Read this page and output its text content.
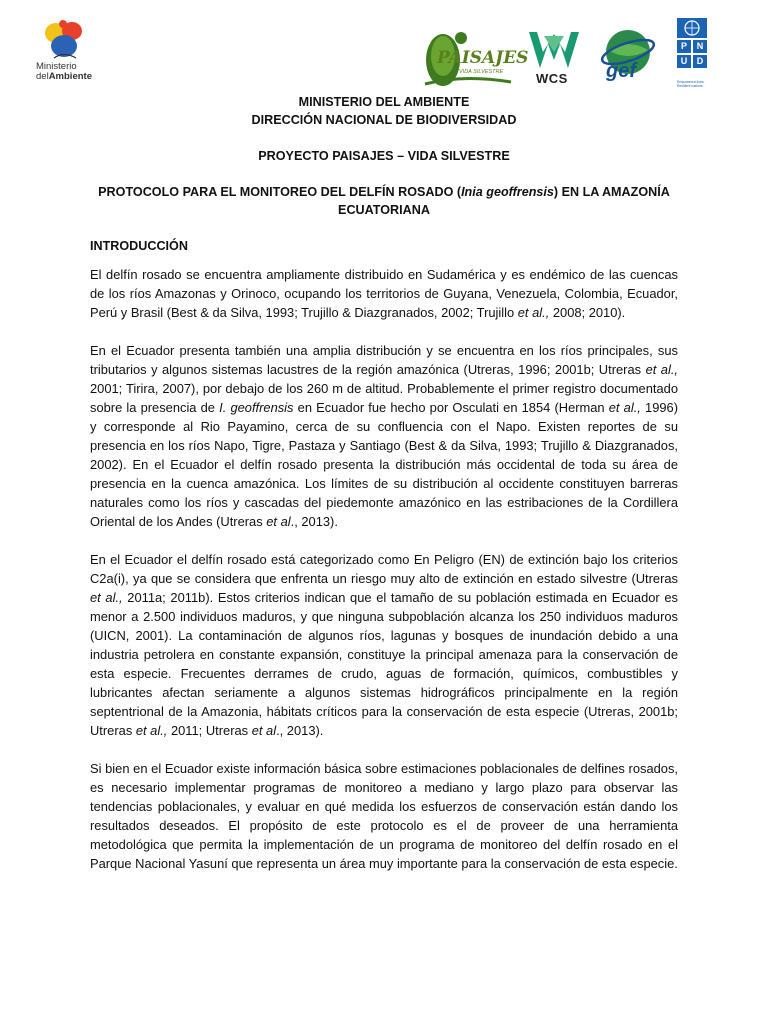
Ministerio
delAmbiente
PAISAJES
VIDA SILVESTRE	WCS gef
P	N
U	D
Empowered lives. Resilient nations.

MINISTERIO DEL AMBIENTE

DIRECCIÓN NACIONAL DE BIODIVERSIDAD

PROYECTO PAISAJES – VIDA SILVESTRE

PROTOCOLO PARA EL MONITOREO DEL DELFÍN ROSADO (Inia geoffrensis) EN LA AMAZONÍA ECUATORIANA

INTRODUCCIÓN

El delfín rosado se encuentra ampliamente distribuido en Sudamérica y es endémico de las cuencas de los ríos Amazonas y Orinoco, ocupando los territorios de Guyana, Venezuela, Colombia, Ecuador, Perú y Brasil (Best & da Silva, 1993; Trujillo & Diazgranados, 2002; Trujillo et al., 2008; 2010).

En el Ecuador presenta también una amplia distribución y se encuentra en los ríos principales, sus tributarios y algunos sistemas lacustres de la región amazónica (Utreras, 1996; 2001b; Utreras et al., 2001; Tirira, 2007), por debajo de los 260 m de altitud. Probablemente el primer registro documentado sobre la presencia de I. geoffrensis en Ecuador fue hecho por Osculati en 1854 (Herman et al., 1996) y corresponde al Rio Payamino, cerca de su confluencia con el Napo. Existen reportes de su presencia en los ríos Napo, Tigre, Pastaza y Santiago (Best & da Silva, 1993; Trujillo & Diazgranados, 2002). En el Ecuador el delfín rosado presenta la distribución más occidental de toda su área de presencia en la cuenca amazónica. Los límites de su distribución al occidente constituyen barreras naturales como los ríos y cascadas del piedemonte amazónico en las estribaciones de la Cordillera Oriental de los Andes (Utreras et al., 2013).

En el Ecuador el delfín rosado está categorizado como En Peligro (EN) de extinción bajo los criterios C2a(i), ya que se considera que enfrenta un riesgo muy alto de extinción en estado silvestre (Utreras et al., 2011a; 2011b). Estos criterios indican que el tamaño de su población estimada en Ecuador es menor a 2.500 individuos maduros, y que ninguna subpoblación alcanza los 250 individuos maduros (UICN, 2001). La contaminación de algunos ríos, lagunas y bosques de inundación debido a una industria petrolera en constante expansión, constituye la principal amenaza para la conservación de esta especie. Frecuentes derrames de crudo, aguas de formación, químicos, combustibles y lubricantes afectan seriamente a algunos sistemas hidrográficos principalmente en la región septentrional de la Amazonia, hábitats críticos para la conservación de esta especie (Utreras, 2001b; Utreras et al., 2011; Utreras et al., 2013).

Si bien en el Ecuador existe información básica sobre estimaciones poblacionales de delfines rosados, es necesario implementar programas de monitoreo a mediano y largo plazo para observar las tendencias poblacionales, y evaluar en qué medida los esfuerzos de conservación están dando los resultados deseados. El propósito de este protocolo es el de proveer de una herramienta metodológica que permita la implementación de un programa de monitoreo del delfín rosado en el Parque Nacional Yasuní que representa un área muy importante para la conservación de esta especie.
